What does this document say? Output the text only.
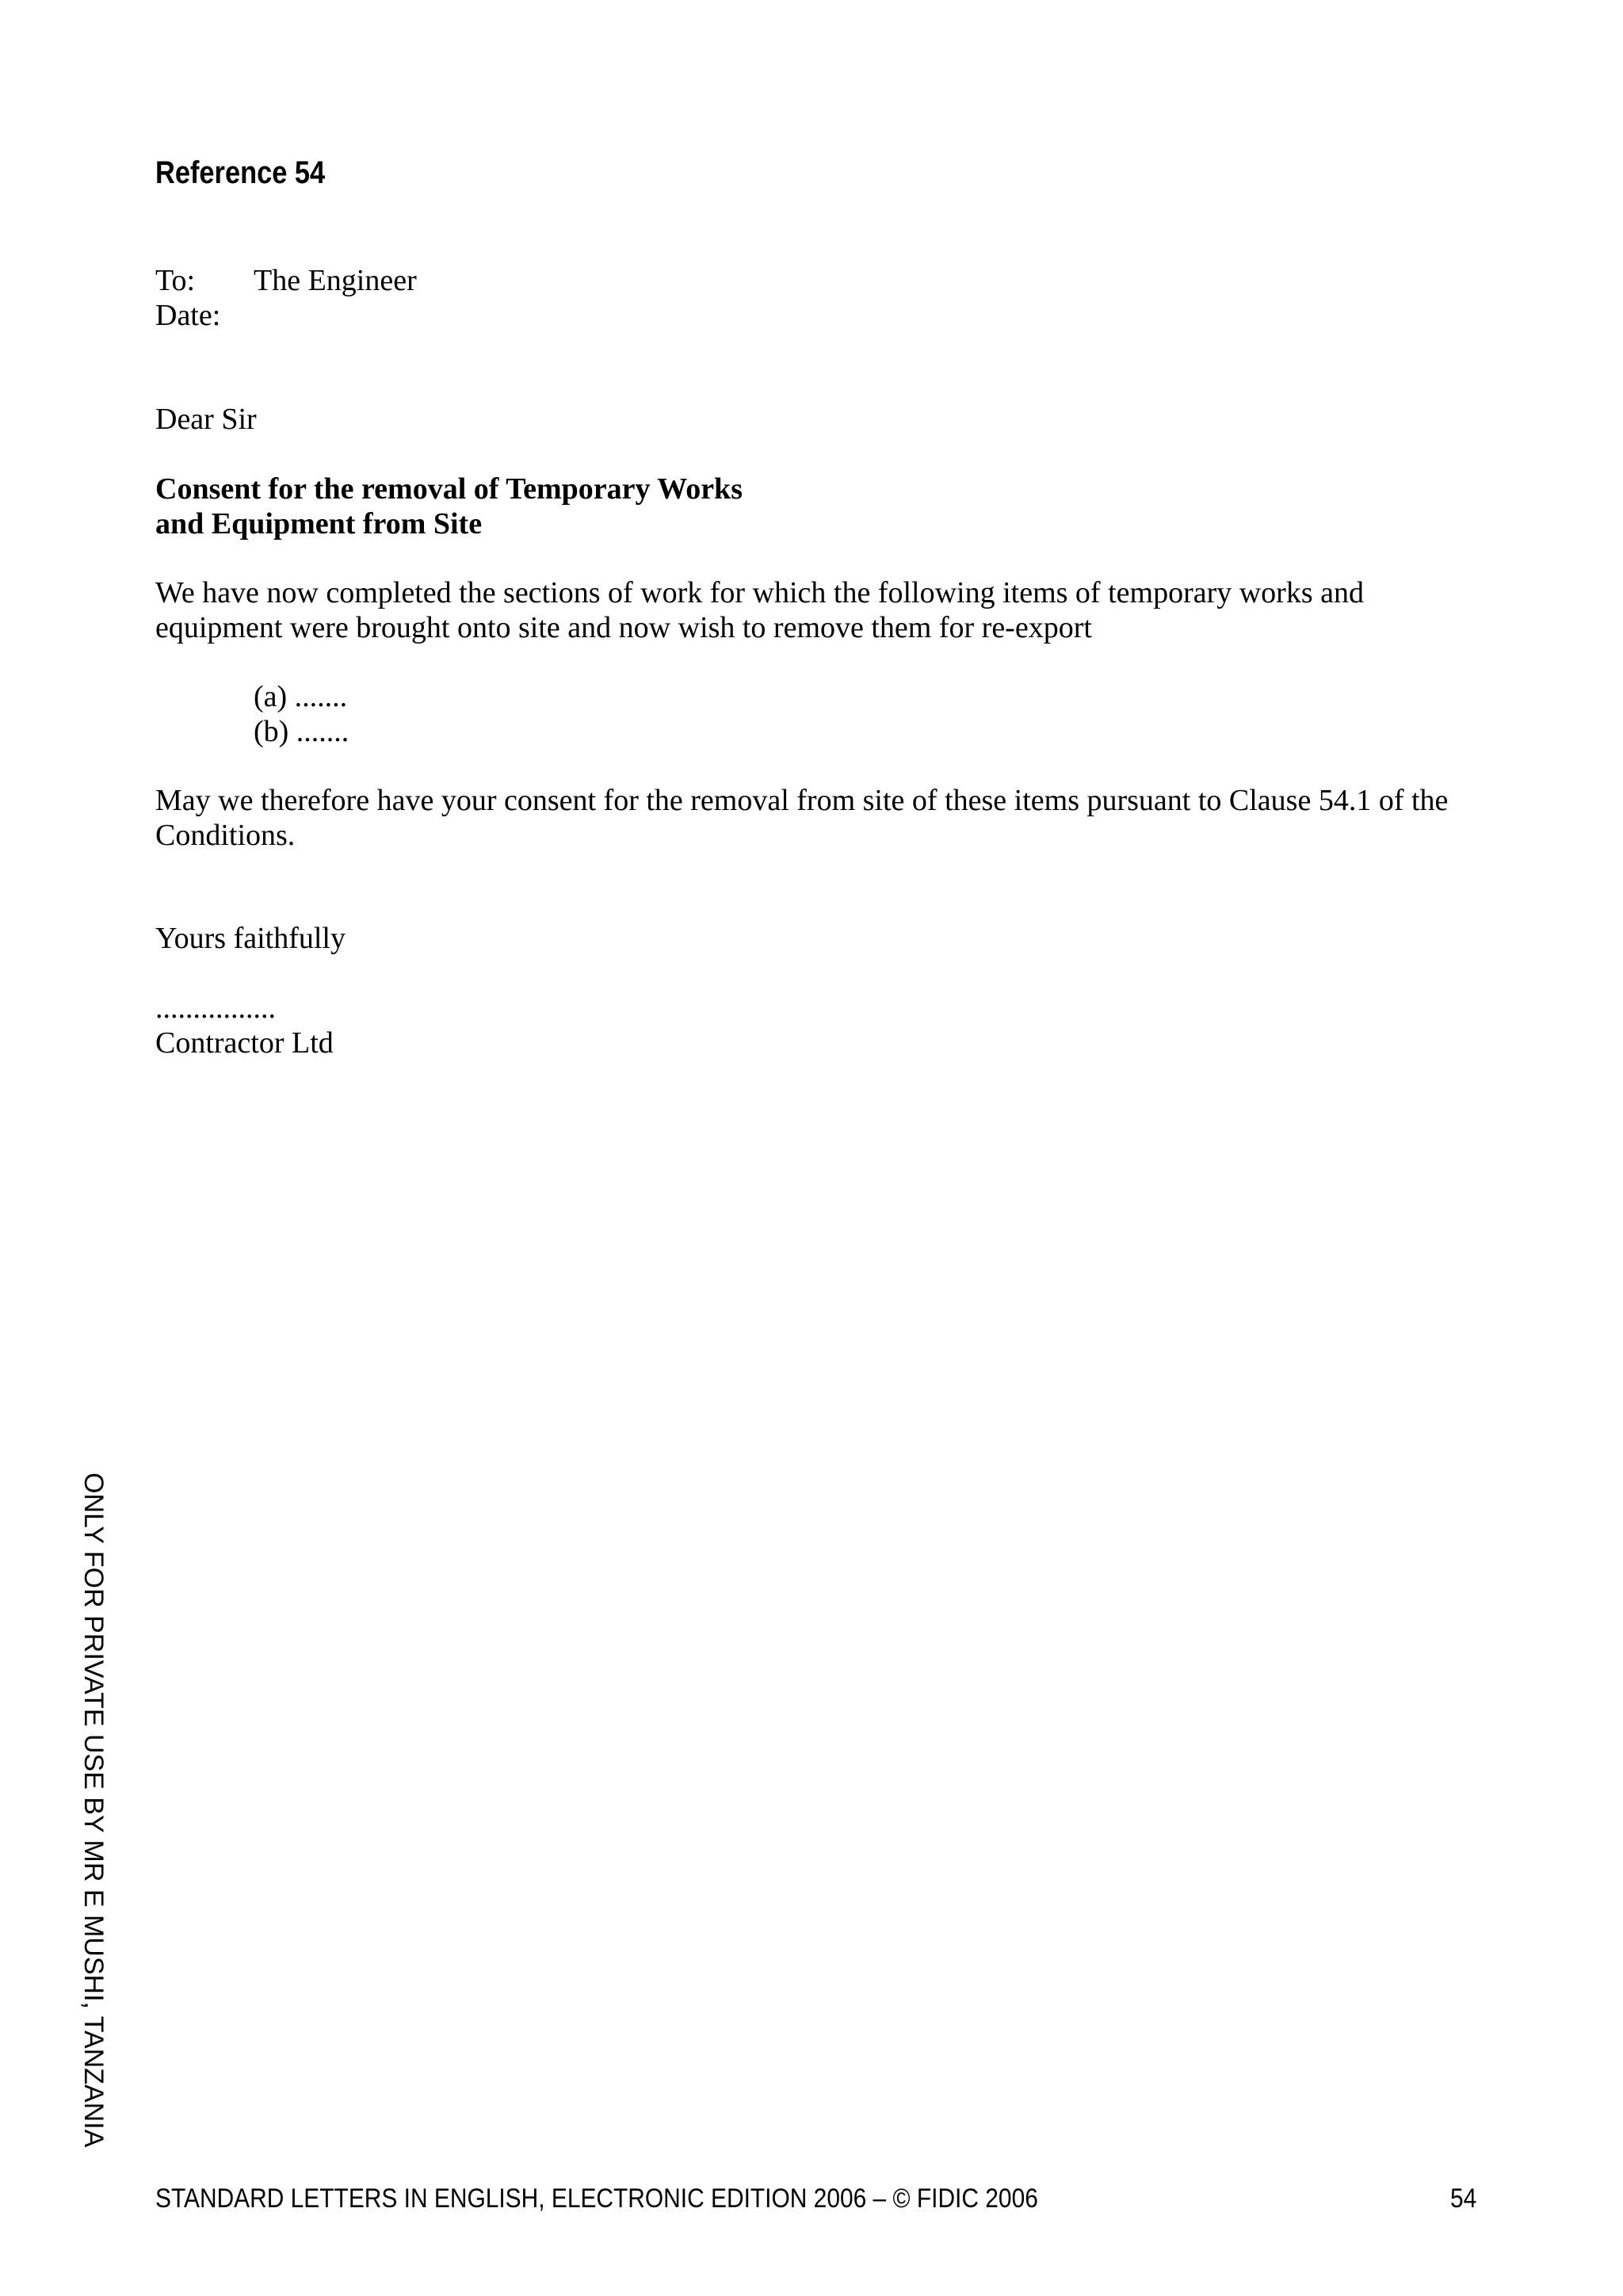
Reference 54
To: The Engineer
Date:
Dear Sir
Consent for the removal of Temporary Works
and Equipment from Site
We have now completed the sections of work for which the following items of temporary works and
equipment were brought onto site and now wish to remove them for re-export
(a) .......
(b) .......
May we therefore have your consent for the removal from site of these items pursuant to Clause 54.1 of the
Conditions.
Yours faithfully
................
Contractor Ltd
ONLY FOR PRIVATE USE BY MR E MUSHI, TANZANIA
STANDARD LETTERS IN ENGLISH, ELECTRONIC EDITION 2006 – © FIDIC 2006	54
